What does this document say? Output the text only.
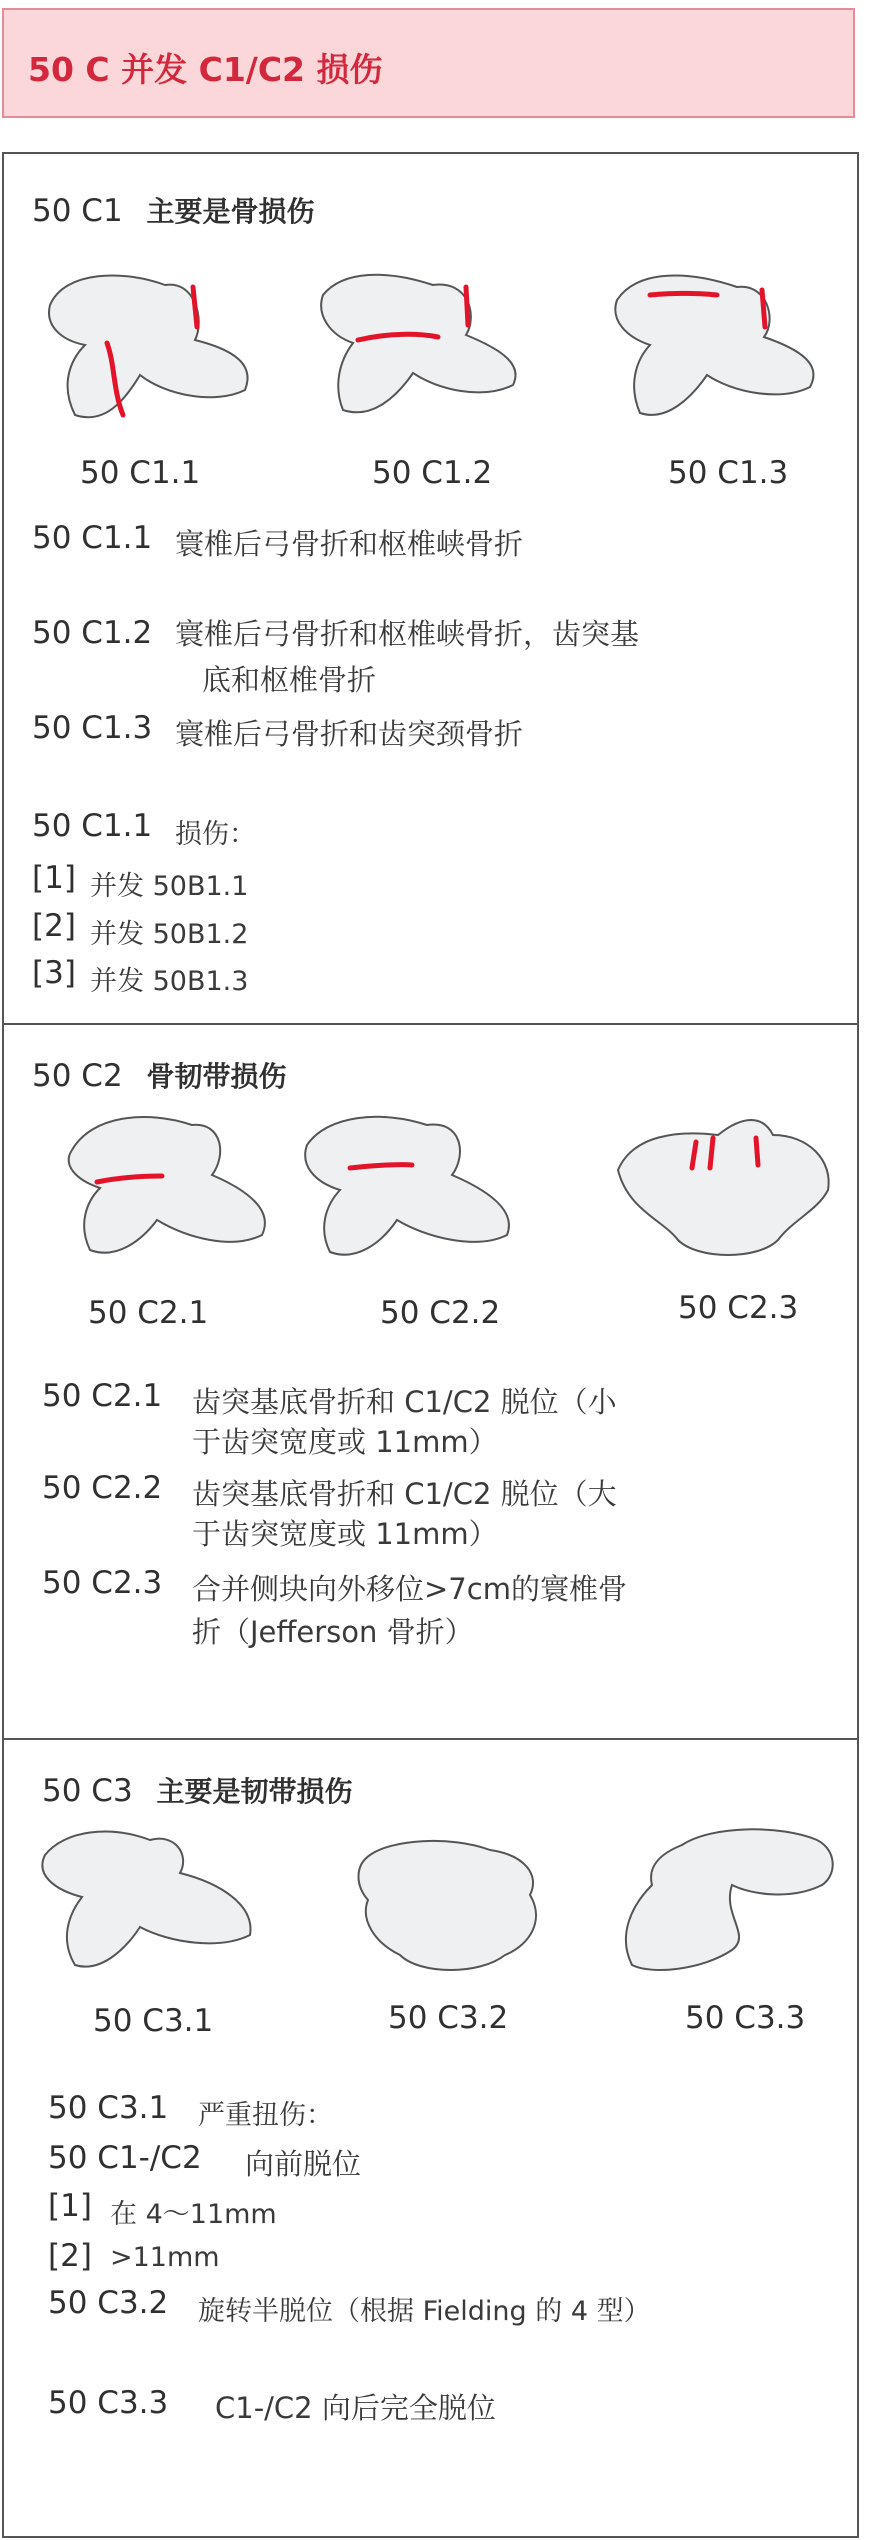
50 C 并发 C1/C2 损伤
50 C1 主要是骨损伤
50 C1.1	50 C1.2	50 C1.3
50 C1.1 寰椎后弓骨折和枢椎峡骨折
50 C1.2 寰椎后弓骨折和枢椎峡骨折，齿突基
底和枢椎骨折
50 C1.3 寰椎后弓骨折和齿突颈骨折
50 C1.1 损伤：
[1] 并发 50B1.1
[2] 并发 50B1.2
[3] 并发 50B1.3
50 C2 骨韧带损伤
50 C2.1	50 C2.2	50 C2.3
50 C2.1 齿突基底骨折和 C1/C2 脱位（小
于齿突宽度或 11mm）
50 C2.2 齿突基底骨折和 C1/C2 脱位（大
于齿突宽度或 11mm）
50 C2.3 合并侧块向外移位>7cm的寰椎骨
折（Jefferson 骨折）
50 C3 主要是韧带损伤
50 C3.1	50 C3.2	50 C3.3
50 C3.1 严重扭伤：
50 C1-/C2 向前脱位
[1] 在 4～11mm
[2] >11mm
50 C3.2 旋转半脱位（根据 Fielding 的 4 型）
50 C3.3 C1-/C2 向后完全脱位
